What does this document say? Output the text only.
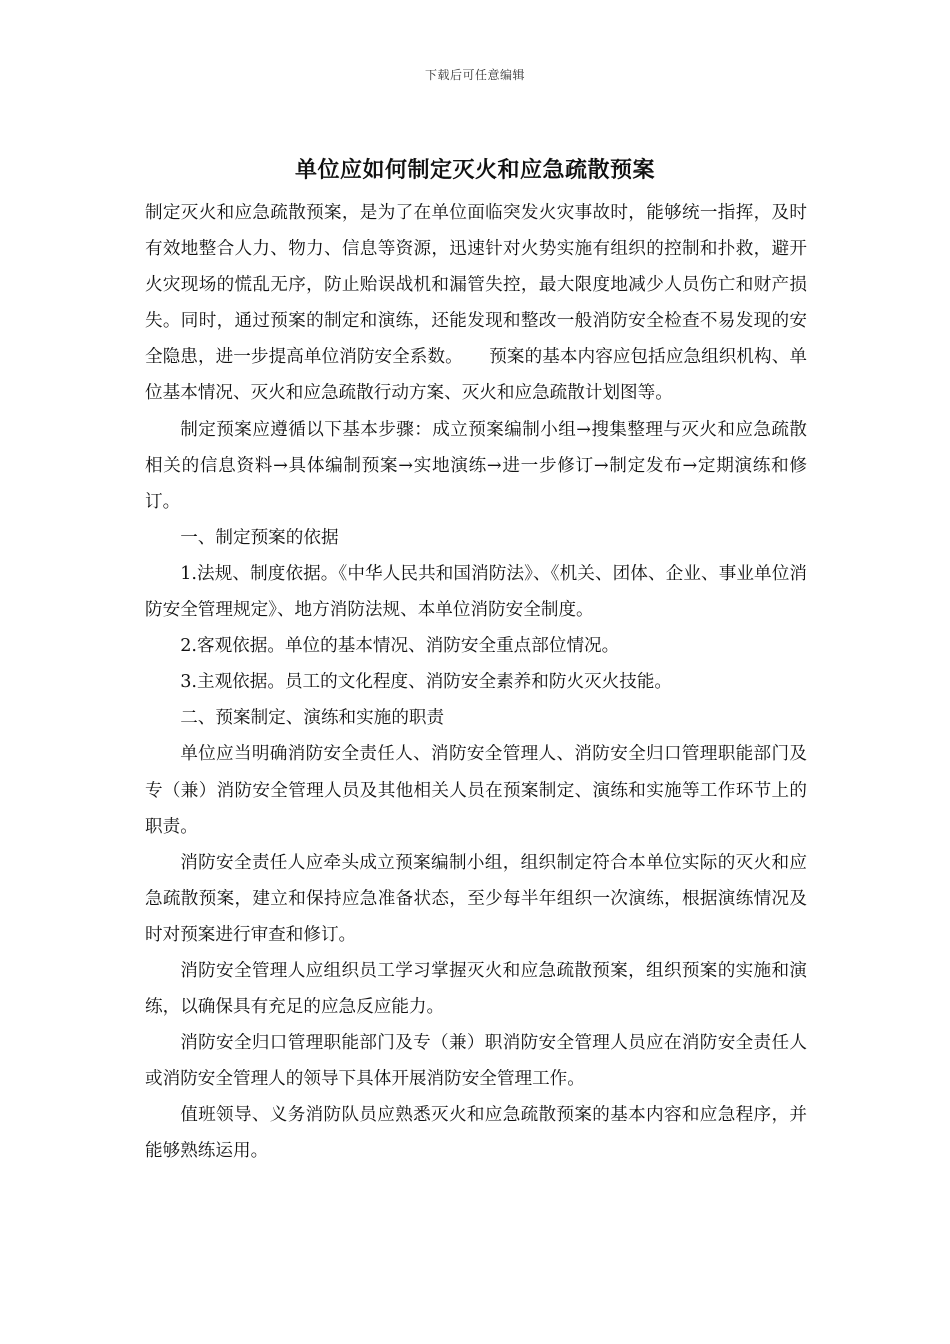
下载后可任意编辑
单位应如何制定灭火和应急疏散预案

制定灭火和应急疏散预案，是为了在单位面临突发火灾事故时，能够统一指挥，及时有效地整合人力、物力、信息等资源，迅速针对火势实施有组织的控制和扑救，避开火灾现场的慌乱无序，防止贻误战机和漏管失控，最大限度地减少人员伤亡和财产损失。同时，通过预案的制定和演练，还能发现和整改一般消防安全检查不易发现的安全隐患，进一步提高单位消防安全系数。　　预案的基本内容应包括应急组织机构、单位基本情况、灭火和应急疏散行动方案、灭火和应急疏散计划图等。

制定预案应遵循以下基本步骤：成立预案编制小组→搜集整理与灭火和应急疏散相关的信息资料→具体编制预案→实地演练→进一步修订→制定发布→定期演练和修订。

一、制定预案的依据

1.法规、制度依据。《中华人民共和国消防法》、《机关、团体、企业、事业单位消防安全管理规定》、地方消防法规、本单位消防安全制度。

2.客观依据。单位的基本情况、消防安全重点部位情况。

3.主观依据。员工的文化程度、消防安全素养和防火灭火技能。

二、预案制定、演练和实施的职责

单位应当明确消防安全责任人、消防安全管理人、消防安全归口管理职能部门及专（兼）消防安全管理人员及其他相关人员在预案制定、演练和实施等工作环节上的职责。

消防安全责任人应牵头成立预案编制小组，组织制定符合本单位实际的灭火和应急疏散预案，建立和保持应急准备状态，至少每半年组织一次演练，根据演练情况及时对预案进行审查和修订。

消防安全管理人应组织员工学习掌握灭火和应急疏散预案，组织预案的实施和演练，以确保具有充足的应急反应能力。

消防安全归口管理职能部门及专（兼）职消防安全管理人员应在消防安全责任人或消防安全管理人的领导下具体开展消防安全管理工作。

值班领导、义务消防队员应熟悉灭火和应急疏散预案的基本内容和应急程序，并能够熟练运用。
